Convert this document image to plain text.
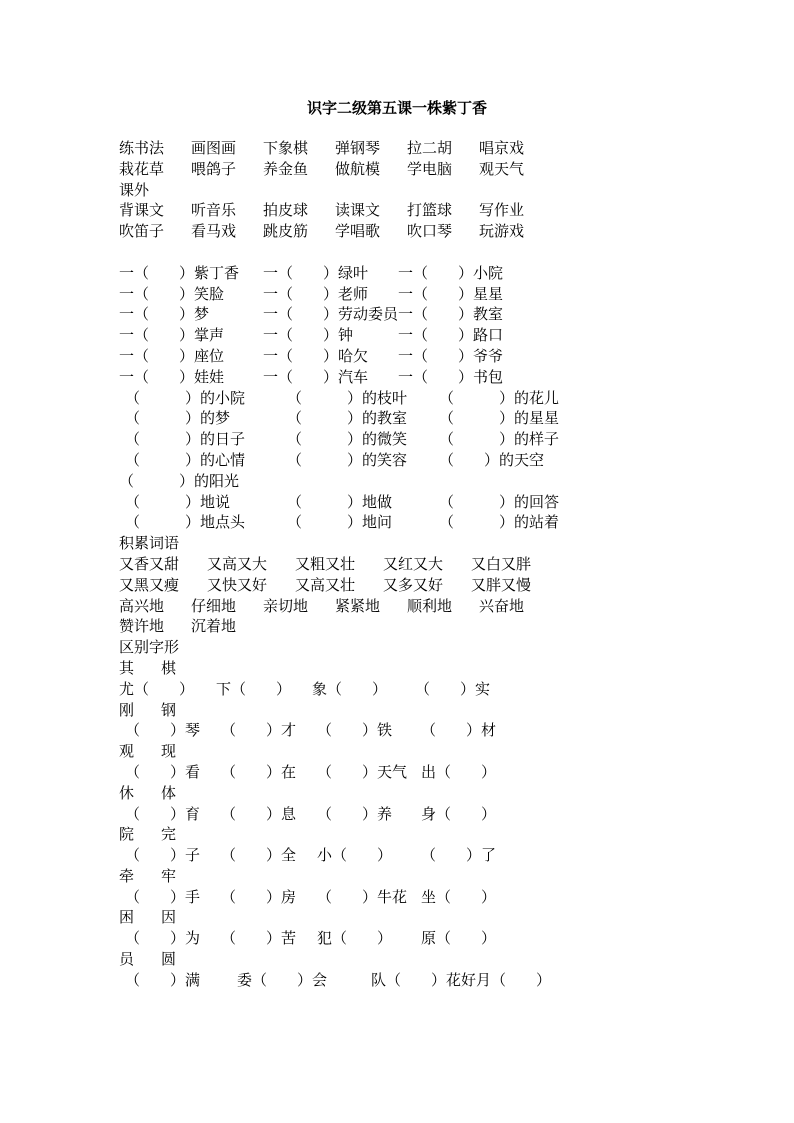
识字二级第五课一株紫丁香
练书法 画图画 下象棋 弹钢琴 拉二胡 唱京戏
栽花草 喂鸽子 养金鱼 做航模 学电脑 观天气
课外
背课文 听音乐 拍皮球 读课文 打篮球 写作业
吹笛子 看马戏 跳皮筋 学唱歌 吹口琴 玩游戏
一（　　）紫丁香 一（　　）绿叶 一（　　）小院
一（　　）笑脸	一（　　）老师 一（　　）星星
一（　　）梦	一（　　）劳动委员 一（　　）教室
一（　　）掌声	一（　　）钟	一（　　）路口
一（　　）座位	一（　　）哈欠 一（　　）爷爷
一（　　）娃娃	一（　　）汽车 一（　　）书包
（　　　）的小院	（　　　）的枝叶 （　　　）的花儿
（　　　）的梦	（　　　）的教室 （　　　）的星星
（　　　）的日子	（　　　）的微笑 （　　　）的样子
（　　　）的心情	（　　　）的笑容 （　　）的天空
（　　　）的阳光
（　　　）地说	（　　　）地做	（　　　）的回答
（　　　）地点头	（　　　）地问	（　　　）的站着
积累词语
又香又甜 又高又大 又粗又壮 又红又大 又白又胖
又黑又瘦 又快又好 又高又壮 又多又好 又胖又慢
高兴地 仔细地 亲切地 紧紧地 顺利地 兴奋地
赞许地 沉着地
区别字形
其 棋
尤（　　） 下（　　） 象（　　） （　　）实
刚 钢
（　　）琴 （　　）才 （　　）铁 （　　）材
观 现
（　　）看 （　　）在 （　　）天气 出（　　）
休 体
（　　）育 （　　）息 （　　）养 身（　　）
院 完
（　　）子 （　　）全 小（　　） （　　）了
牵 牢
（　　）手 （　　）房 （　　）牛花 坐（　　）
困 因
（　　）为 （　　）苦 犯（　　） 原（　　）
员 圆
（　　）满 委（　　）会	队（　　）花好月（　　）
